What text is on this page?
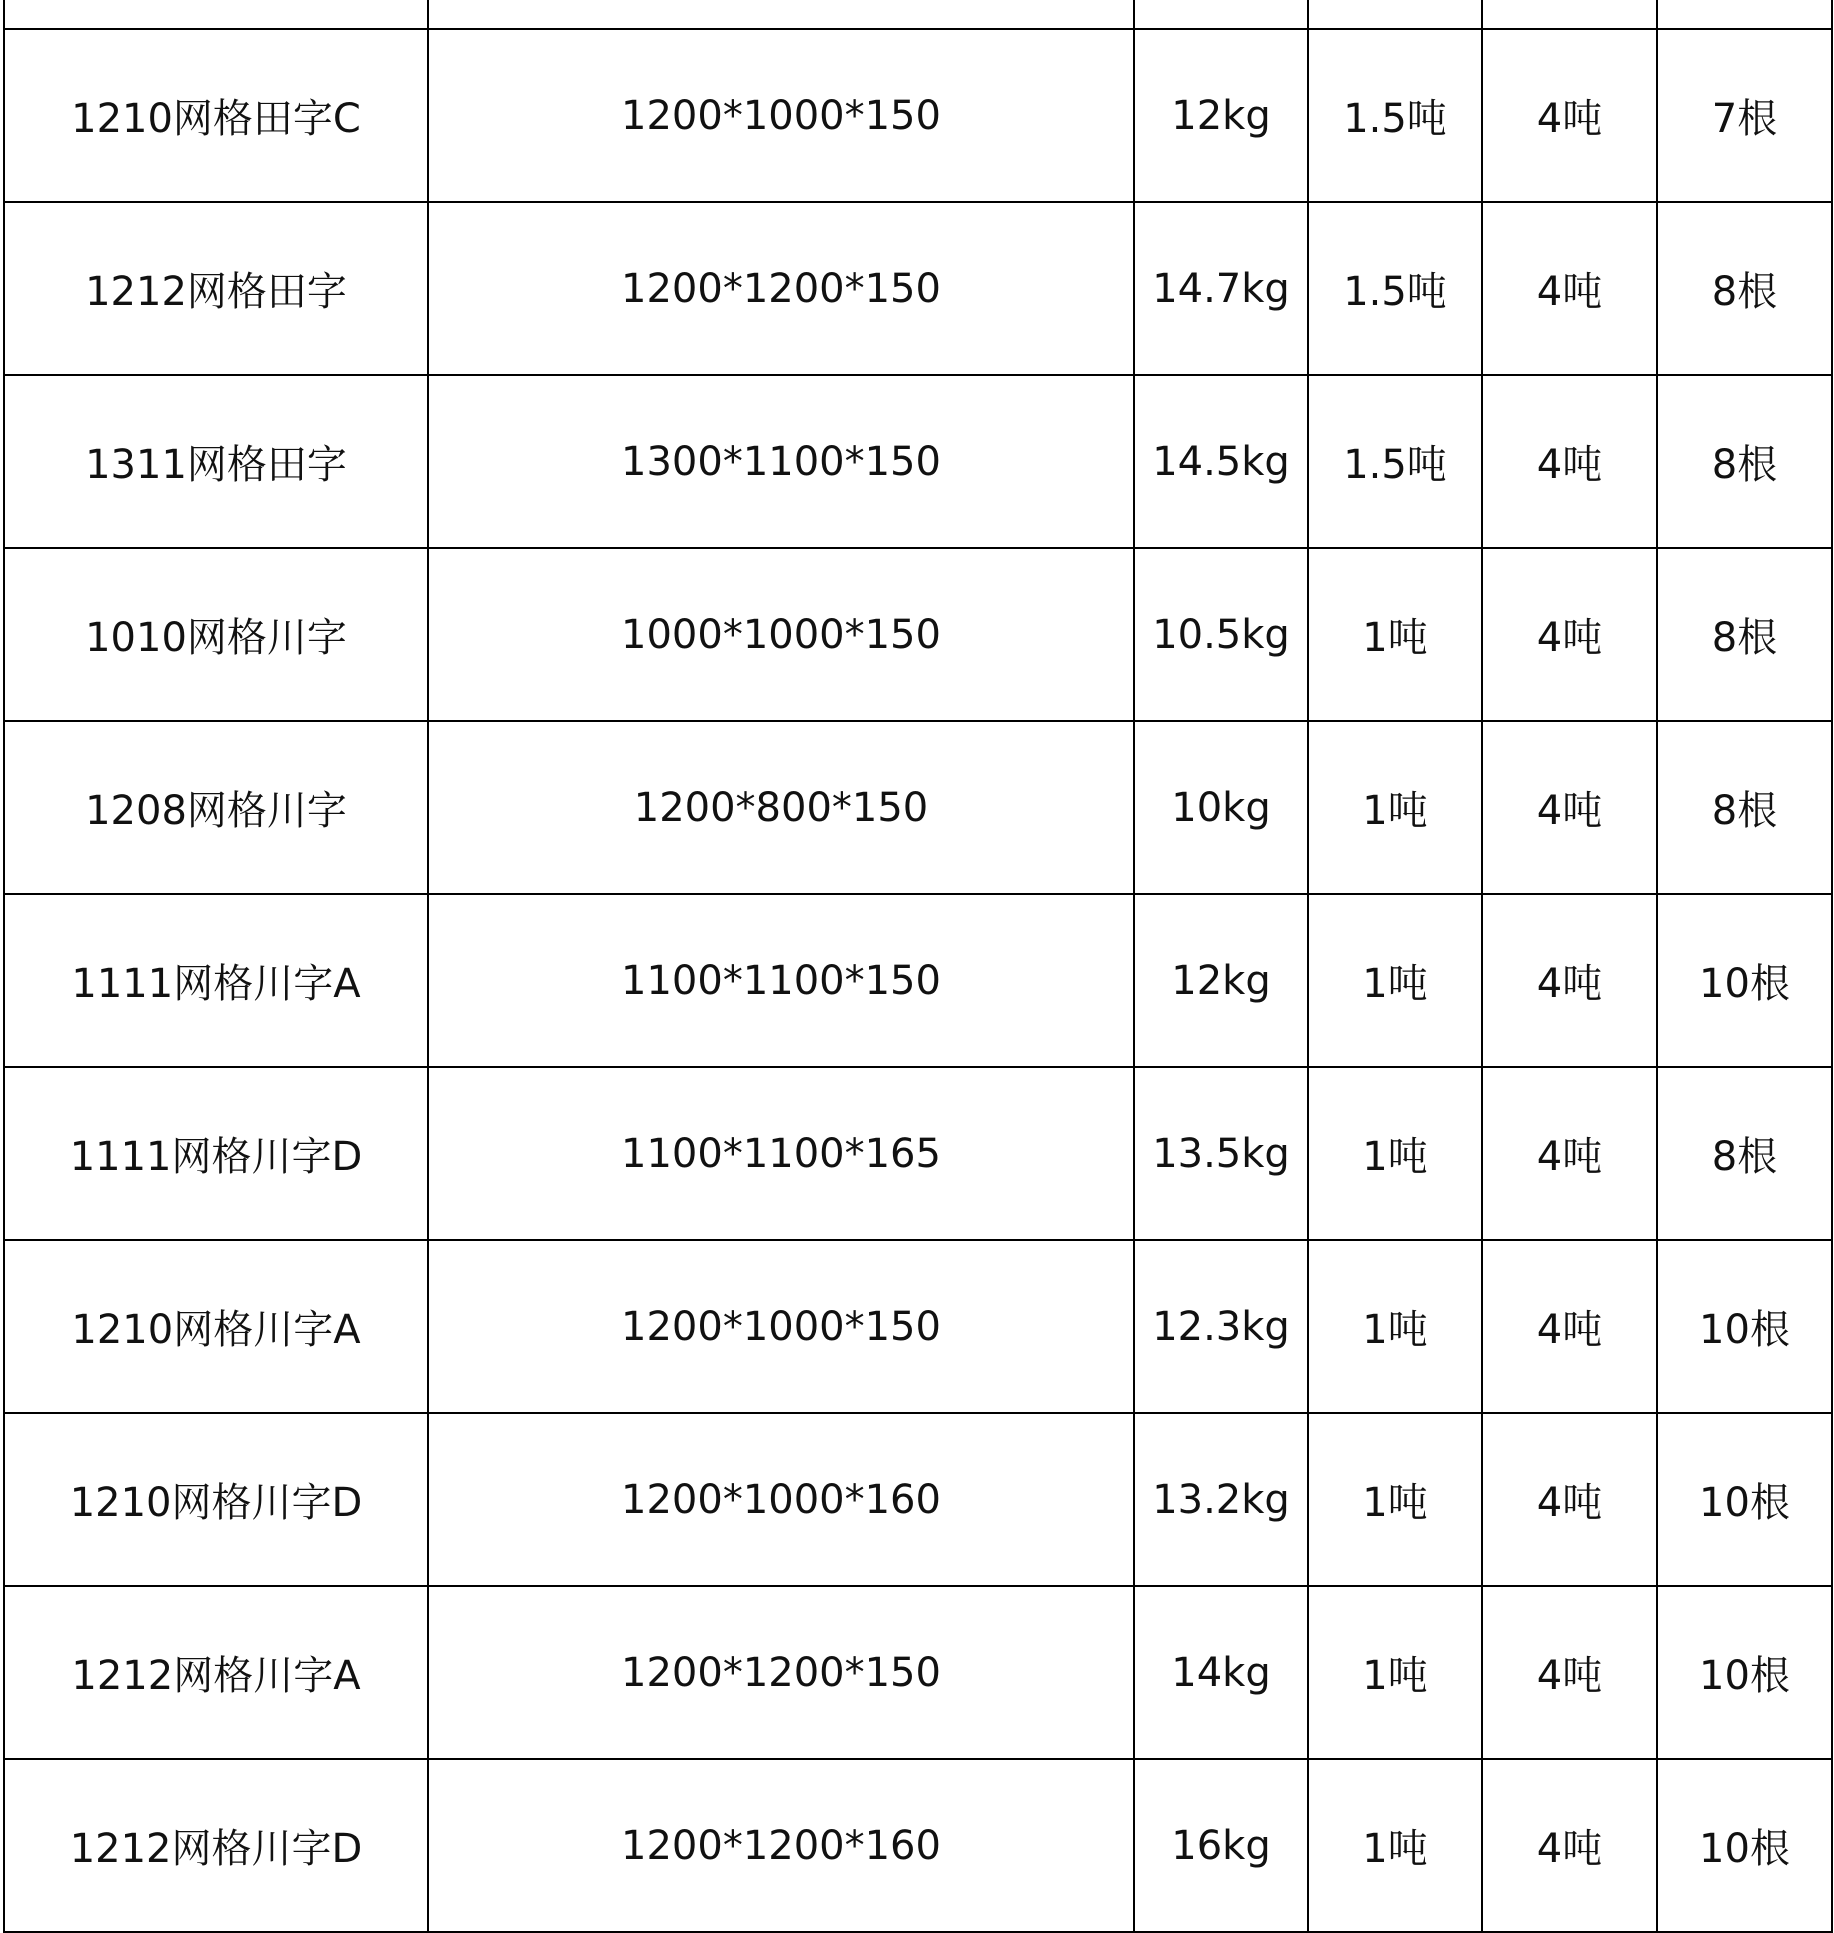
1210网格田字C	1200*1000*150	12kg	1.5吨	4吨	7根
1212网格田字	1200*1200*150	14.7kg	1.5吨	4吨	8根
1311网格田字	1300*1100*150	14.5kg	1.5吨	4吨	8根
1010网格川字	1000*1000*150	10.5kg	1吨	4吨	8根
1208网格川字	1200*800*150	10kg	1吨	4吨	8根
1111网格川字A	1100*1100*150	12kg	1吨	4吨	10根
1111网格川字D	1100*1100*165	13.5kg	1吨	4吨	8根
1210网格川字A	1200*1000*150	12.3kg	1吨	4吨	10根
1210网格川字D	1200*1000*160	13.2kg	1吨	4吨	10根
1212网格川字A	1200*1200*150	14kg	1吨	4吨	10根
1212网格川字D	1200*1200*160	16kg	1吨	4吨	10根
